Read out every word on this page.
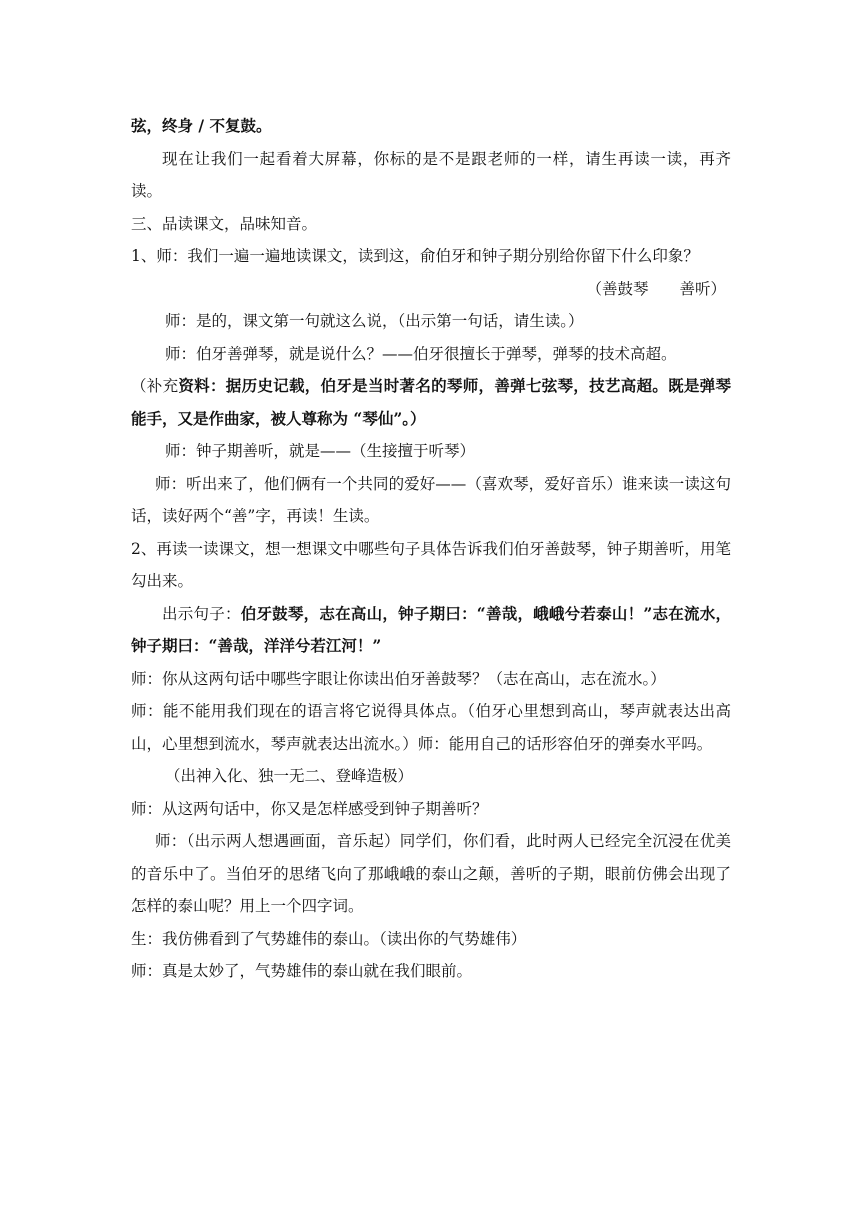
弦，终身 / 不复鼓。

现在让我们一起看着大屏幕，你标的是不是跟老师的一样，请生再读一读，再齐读。

三、品读课文，品味知音。

1、师：我们一遍一遍地读课文，读到这，俞伯牙和钟子期分别给你留下什么印象？

（善鼓琴　　善听）

师：是的，课文第一句就这么说，（出示第一句话，请生读。）

师：伯牙善弹琴，就是说什么？——伯牙很擅长于弹琴，弹琴的技术高超。

（补充资料：据历史记载，伯牙是当时著名的琴师，善弹七弦琴，技艺高超。既是弹琴能手，又是作曲家，被人尊称为 “琴仙”。）

师：钟子期善听，就是——（生接擅于听琴）

师：听出来了，他们俩有一个共同的爱好——（喜欢琴，爱好音乐）谁来读一读这句话，读好两个“善”字，再读！生读。

2、再读一读课文，想一想课文中哪些句子具体告诉我们伯牙善鼓琴，钟子期善听，用笔勾出来。

出示句子：伯牙鼓琴，志在高山，钟子期曰：“善哉，峨峨兮若泰山！”志在流水，钟子期曰：“善哉，洋洋兮若江河！”

师：你从这两句话中哪些字眼让你读出伯牙善鼓琴？（志在高山，志在流水。）

师：能不能用我们现在的语言将它说得具体点。（伯牙心里想到高山，琴声就表达出高山，心里想到流水，琴声就表达出流水。）师：能用自己的话形容伯牙的弹奏水平吗。

（出神入化、独一无二、登峰造极）

师：从这两句话中，你又是怎样感受到钟子期善听？

师：（出示两人想遇画面，音乐起）同学们，你们看，此时两人已经完全沉浸在优美的音乐中了。当伯牙的思绪飞向了那峨峨的泰山之颠，善听的子期，眼前仿佛会出现了怎样的泰山呢？用上一个四字词。

生：我仿佛看到了气势雄伟的泰山。（读出你的气势雄伟）

师：真是太妙了，气势雄伟的泰山就在我们眼前。
